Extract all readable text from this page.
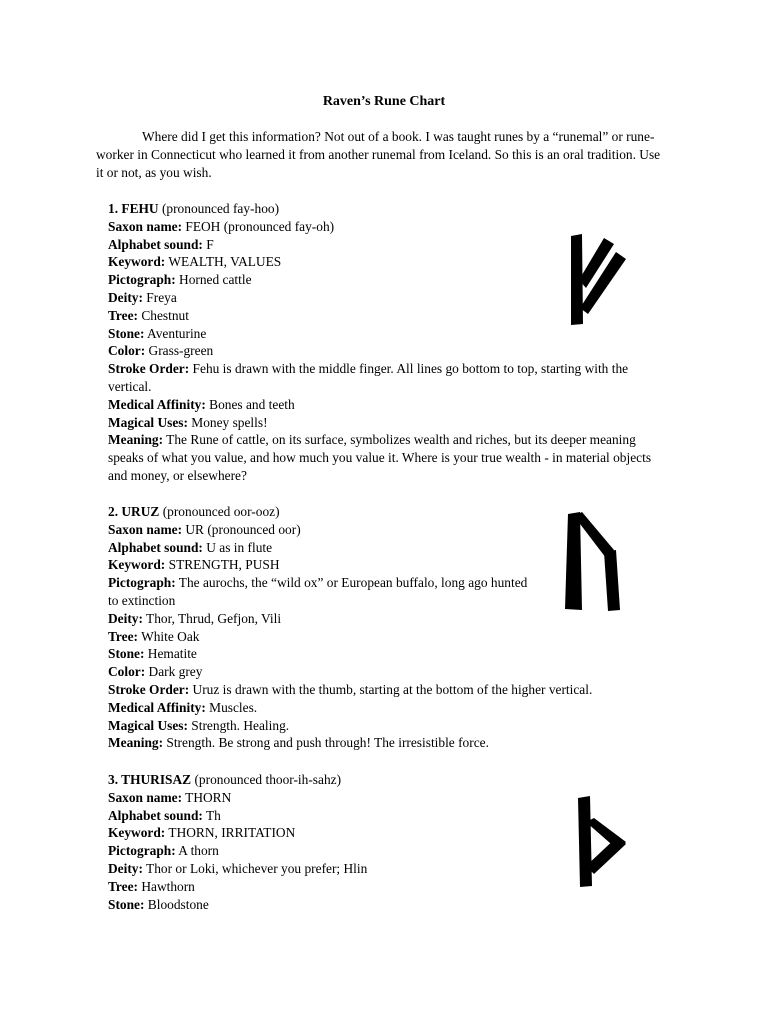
Raven’s Rune Chart

Where did I get this information? Not out of a book. I was taught runes by a “runemal” or rune-worker in Connecticut who learned it from another runemal from Iceland. So this is an oral tradition. Use it or not, as you wish.

1. FEHU (pronounced fay-hoo)
Saxon name: FEOH (pronounced fay-oh)
Alphabet sound: F
Keyword: WEALTH, VALUES
Pictograph: Horned cattle
Deity: Freya
Tree: Chestnut
Stone: Aventurine
Color: Grass-green
Stroke Order: Fehu is drawn with the middle finger. All lines go bottom to top, starting with the vertical.
Medical Affinity: Bones and teeth
Magical Uses: Money spells!
Meaning: The Rune of cattle, on its surface, symbolizes wealth and riches, but its deeper meaning speaks of what you value, and how much you value it. Where is your true wealth - in material objects and money, or elsewhere?
2. URUZ (pronounced oor-ooz)
Saxon name: UR (pronounced oor)
Alphabet sound: U as in flute
Keyword: STRENGTH, PUSH
Pictograph: The aurochs, the “wild ox” or European buffalo, long ago hunted to extinction
Deity: Thor, Thrud, Gefjon, Vili
Tree: White Oak
Stone: Hematite
Color: Dark grey
Stroke Order: Uruz is drawn with the thumb, starting at the bottom of the higher vertical.
Medical Affinity: Muscles.
Magical Uses: Strength. Healing.
Meaning: Strength. Be strong and push through! The irresistible force.
3. THURISAZ (pronounced thoor-ih-sahz)
Saxon name: THORN
Alphabet sound: Th
Keyword: THORN, IRRITATION
Pictograph: A thorn
Deity: Thor or Loki, whichever you prefer; Hlin
Tree: Hawthorn
Stone: Bloodstone
